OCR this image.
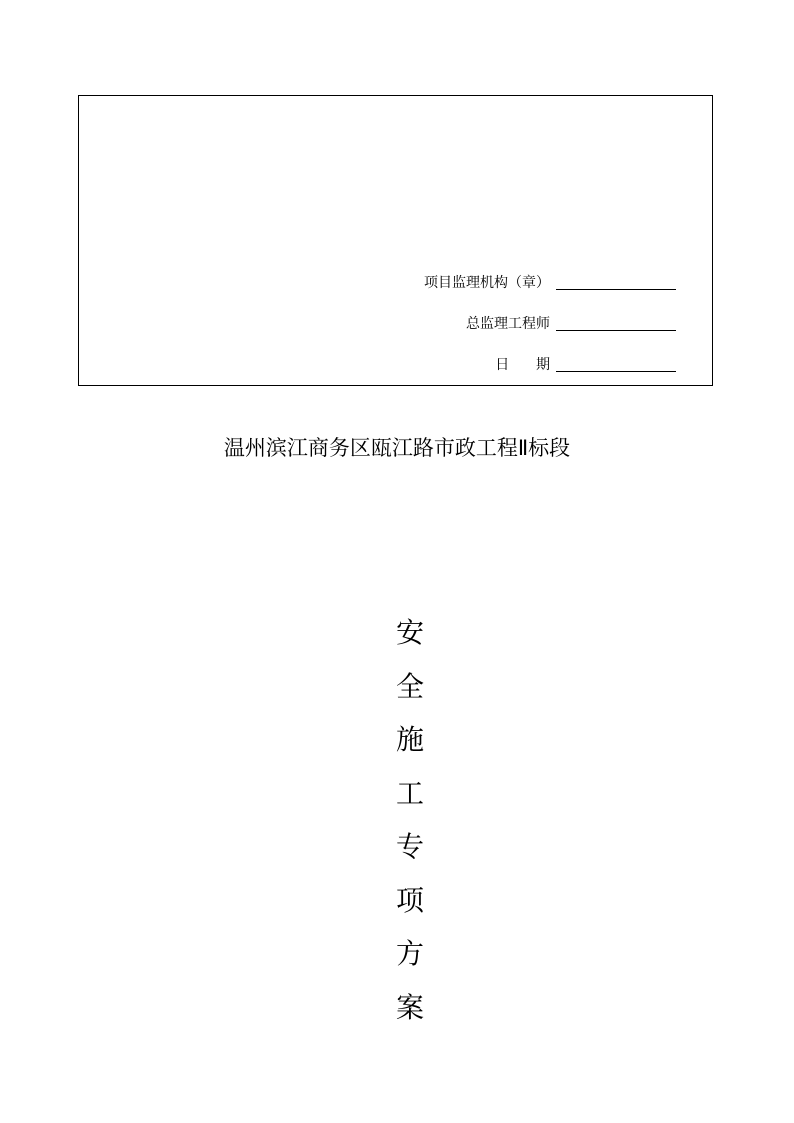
项目监理机构（章）
总监理工程师
日      期
温州滨江商务区瓯江路市政工程Ⅱ标段
安
全
施
工
专
项
方
案
